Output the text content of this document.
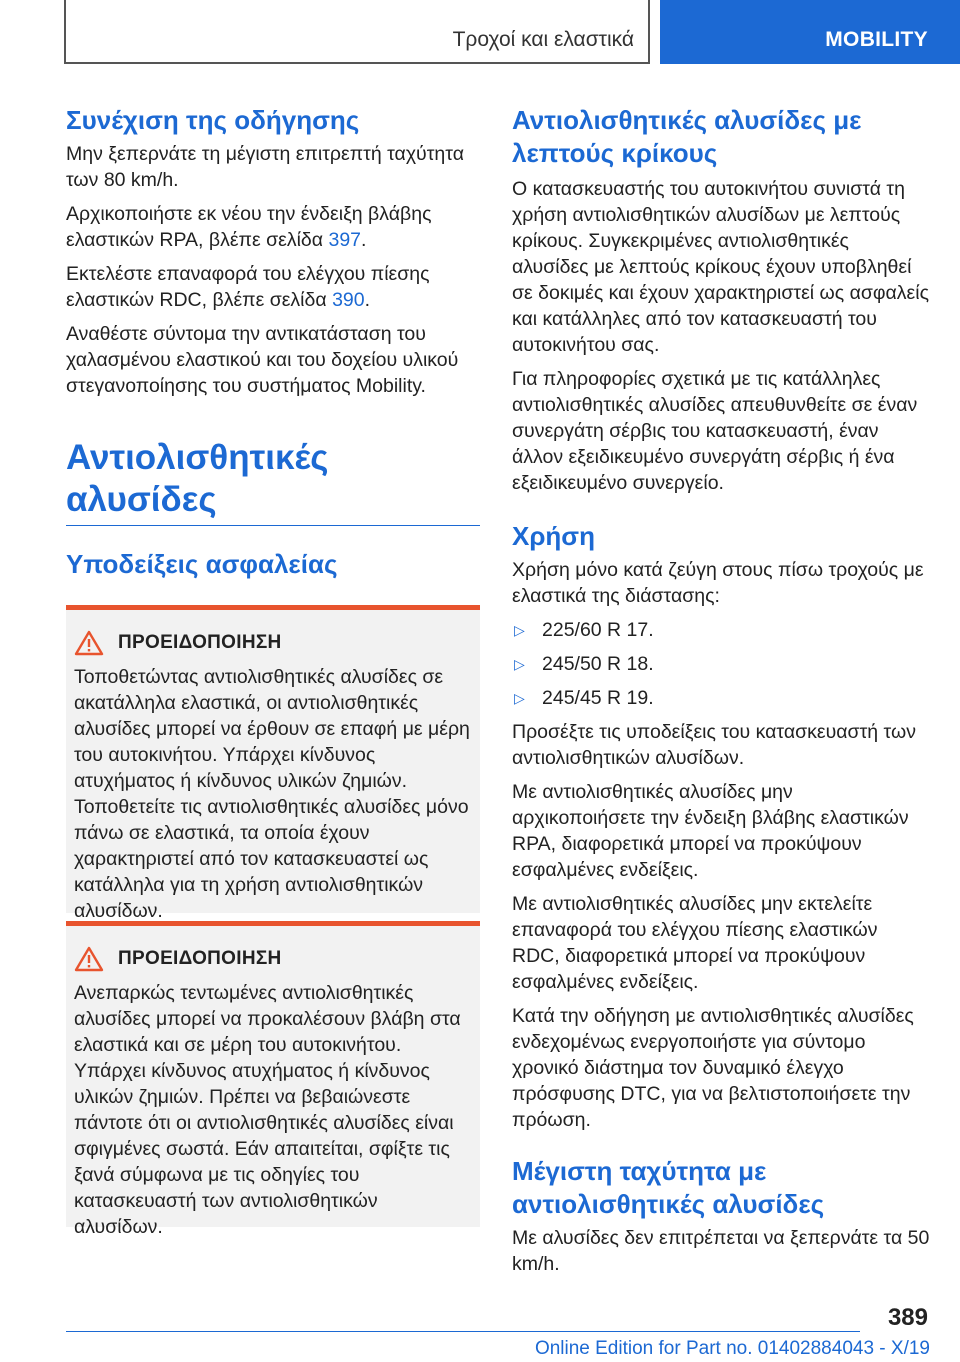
Τροχοί και ελαστικά	MOBILITY
Συνέχιση της οδήγησης

Μην ξεπερνάτε τη μέγιστη επιτρεπτή ταχύτητα των 80 km/h.

Αρχικοποιήστε εκ νέου την ένδειξη βλάβης ελαστικών RPA, βλέπε σελίδα 397.

Εκτελέστε επαναφορά του ελέγχου πίεσης ελαστικών RDC, βλέπε σελίδα 390.

Αναθέστε σύντομα την αντικατάσταση του χαλασμένου ελαστικού και του δοχείου υλικού στεγανοποίησης του συστήματος Mobility.

Αντιολισθητικές αλυσίδες
Υποδείξεις ασφαλείας
ΠΡΟΕΙΔΟΠΟΙΗΣΗ

Τοποθετώντας αντιολισθητικές αλυσίδες σε ακατάλληλα ελαστικά, οι αντιολισθητικές αλυσίδες μπορεί να έρθουν σε επαφή με μέρη του αυτοκινήτου. Υπάρχει κίνδυνος ατυχήματος ή κίνδυνος υλικών ζημιών. Τοποθετείτε τις αντιολισθητικές αλυσίδες μόνο πάνω σε ελαστικά, τα οποία έχουν χαρακτηριστεί από τον κατασκευαστεί ως κατάλληλα για τη χρήση αντιολισθητικών αλυσίδων.

ΠΡΟΕΙΔΟΠΟΙΗΣΗ

Ανεπαρκώς τεντωμένες αντιολισθητικές αλυσίδες μπορεί να προκαλέσουν βλάβη στα ελαστικά και σε μέρη του αυτοκινήτου. Υπάρχει κίνδυνος ατυχήματος ή κίνδυνος υλικών ζημιών. Πρέπει να βεβαιώνεστε πάντοτε ότι οι αντιολισθητικές αλυσίδες είναι σφιγμένες σωστά. Εάν απαιτείται, σφίξτε τις ξανά σύμφωνα με τις οδηγίες του κατασκευαστή των αντιολισθητικών αλυσίδων.

Αντιολισθητικές αλυσίδες με λεπτούς κρίκους

Ο κατασκευαστής του αυτοκινήτου συνιστά τη χρήση αντιολισθητικών αλυσίδων με λεπτούς κρίκους. Συγκεκριμένες αντιολισθητικές αλυσίδες με λεπτούς κρίκους έχουν υποβληθεί σε δοκιμές και έχουν χαρακτηριστεί ως ασφαλείς και κατάλληλες από τον κατασκευαστή του αυτοκινήτου σας.

Για πληροφορίες σχετικά με τις κατάλληλες αντιολισθητικές αλυσίδες απευθυνθείτε σε έναν συνεργάτη σέρβις του κατασκευαστή, έναν άλλον εξειδικευμένο συνεργάτη σέρβις ή ένα εξειδικευμένο συνεργείο.

Χρήση

Χρήση μόνο κατά ζεύγη στους πίσω τροχούς με ελαστικά της διάστασης:

▷ 225/60 R 17.
▷ 245/50 R 18.
▷ 245/45 R 19.

Προσέξτε τις υποδείξεις του κατασκευαστή των αντιολισθητικών αλυσίδων.

Με αντιολισθητικές αλυσίδες μην αρχικοποιήσετε την ένδειξη βλάβης ελαστικών RPA, διαφορετικά μπορεί να προκύψουν εσφαλμένες ενδείξεις.

Με αντιολισθητικές αλυσίδες μην εκτελείτε επαναφορά του ελέγχου πίεσης ελαστικών RDC, διαφορετικά μπορεί να προκύψουν εσφαλμένες ενδείξεις.

Κατά την οδήγηση με αντιολισθητικές αλυσίδες ενδεχομένως ενεργοποιήστε για σύντομο χρονικό διάστημα τον δυναμικό έλεγχο πρόσφυσης DTC, για να βελτιστοποιήσετε την πρόωση.

Μέγιστη ταχύτητα με αντιολισθητικές αλυσίδες

Με αλυσίδες δεν επιτρέπεται να ξεπερνάτε τα 50 km/h.

389
Online Edition for Part no. 01402884043 - X/19
